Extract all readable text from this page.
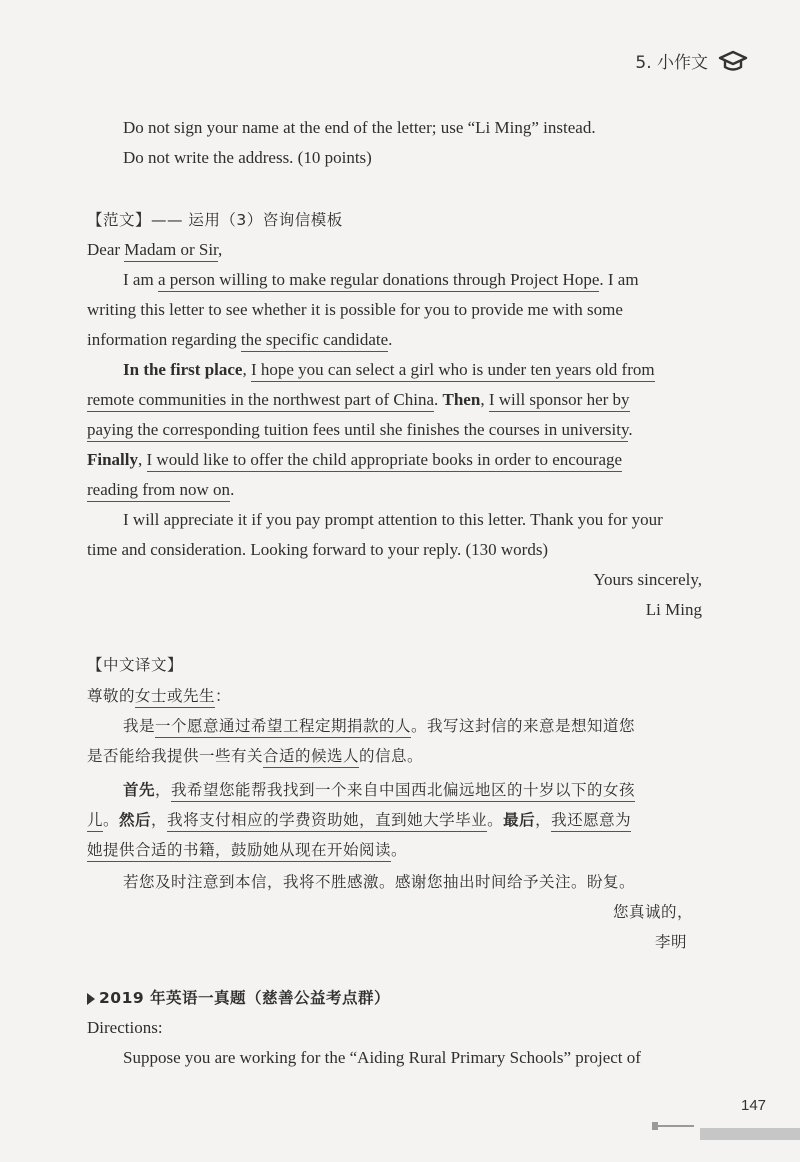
5. 小作文
Do not sign your name at the end of the letter; use “Li Ming” instead.
Do not write the address. (10 points)
【范文】—— 运用（3）咨询信模板
Dear Madam or Sir,
I am a person willing to make regular donations through Project Hope. I am
writing this letter to see whether it is possible for you to provide me with some
information regarding the specific candidate.
In the first place, I hope you can select a girl who is under ten years old from
remote communities in the northwest part of China. Then, I will sponsor her by
paying the corresponding tuition fees until she finishes the courses in university.
Finally, I would like to offer the child appropriate books in order to encourage
reading from now on.
I will appreciate it if you pay prompt attention to this letter. Thank you for your
time and consideration. Looking forward to your reply. (130 words)
Yours sincerely,
Li Ming
【中文译文】
尊敬的女士或先生：
我是一个愿意通过希望工程定期捐款的人。我写这封信的来意是想知道您
是否能给我提供一些有关合适的候选人的信息。
首先，我希望您能帮我找到一个来自中国西北偏远地区的十岁以下的女孩
儿。然后，我将支付相应的学费资助她，直到她大学毕业。最后，我还愿意为
她提供合适的书籍，鼓励她从现在开始阅读。
若您及时注意到本信，我将不胜感激。感谢您抽出时间给予关注。盼复。
您真诚的，
李明
2019 年英语一真题（慈善公益考点群）
Directions:
Suppose you are working for the “Aiding Rural Primary Schools” project of
147
